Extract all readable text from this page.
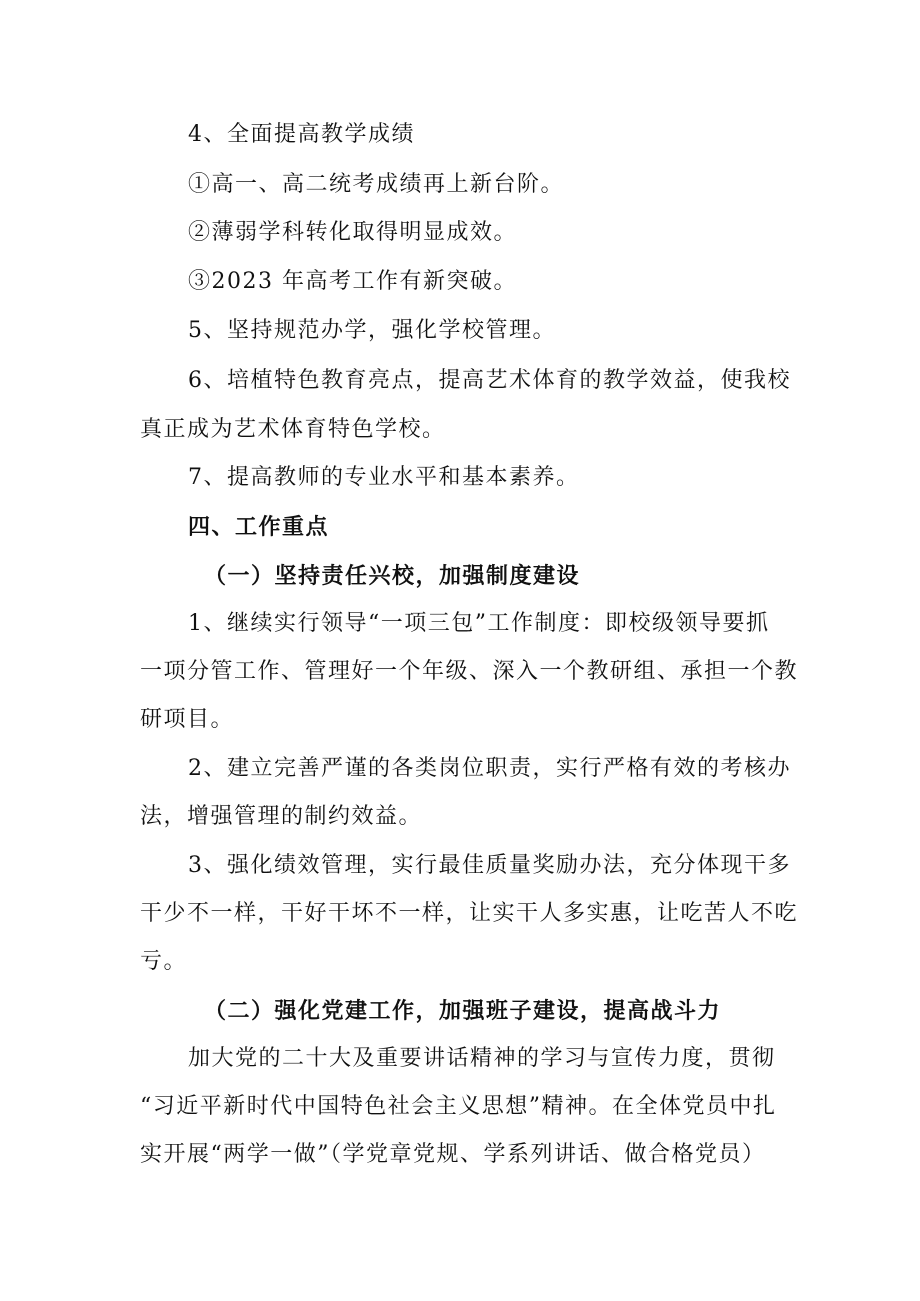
4、全面提高教学成绩
①高一、高二统考成绩再上新台阶。
②薄弱学科转化取得明显成效。
③2023 年高考工作有新突破。
5、坚持规范办学，强化学校管理。
6、培植特色教育亮点，提高艺术体育的教学效益，使我校
真正成为艺术体育特色学校。
7、提高教师的专业水平和基本素养。
四、工作重点
（一）坚持责任兴校，加强制度建设
1、继续实行领导“一项三包”工作制度：即校级领导要抓
一项分管工作、管理好一个年级、深入一个教研组、承担一个教
研项目。
2、建立完善严谨的各类岗位职责，实行严格有效的考核办
法，增强管理的制约效益。
3、强化绩效管理，实行最佳质量奖励办法，充分体现干多
干少不一样，干好干坏不一样，让实干人多实惠，让吃苦人不吃
亏。
（二）强化党建工作，加强班子建设，提高战斗力
加大党的二十大及重要讲话精神的学习与宣传力度，贯彻
“习近平新时代中国特色社会主义思想”精神。在全体党员中扎
实开展“两学一做”（学党章党规、学系列讲话、做合格党员）
